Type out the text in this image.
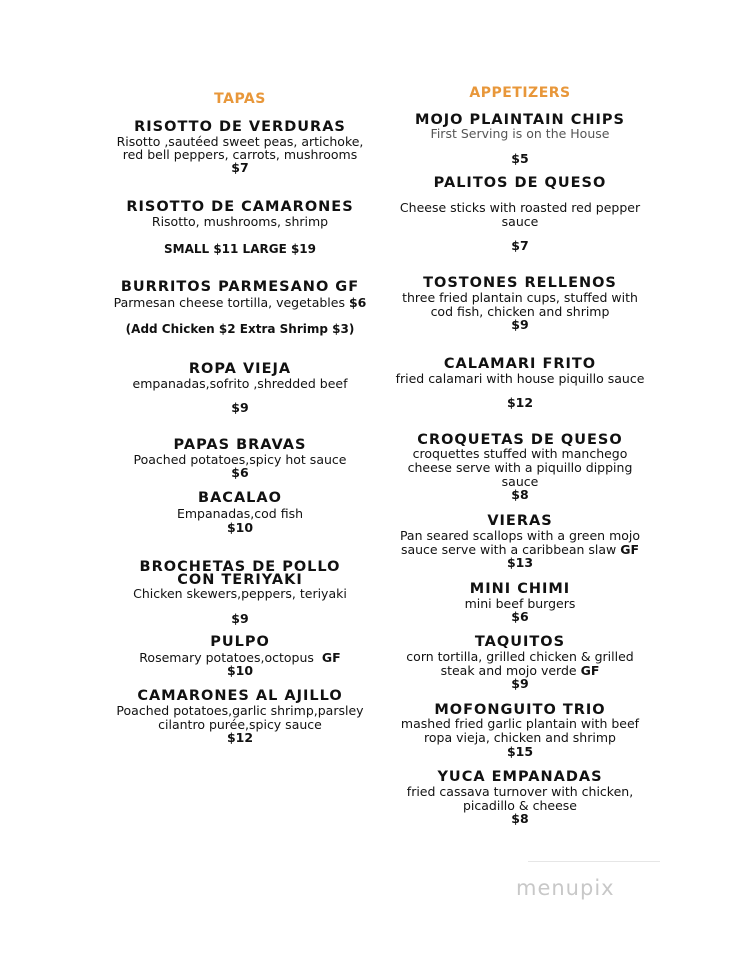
TAPAS
RISOTTO DE VERDURAS
Risotto ,sautéed sweet peas, artichoke,
red bell peppers, carrots, mushrooms
$7
RISOTTO DE CAMARONES
Risotto, mushrooms, shrimp
SMALL $11 LARGE $19
BURRITOS PARMESANO GF
Parmesan cheese tortilla, vegetables $6
(Add Chicken $2 Extra Shrimp $3)
ROPA VIEJA
empanadas,sofrito ,shredded beef
$9
PAPAS BRAVAS
Poached potatoes,spicy hot sauce
$6
BACALAO
Empanadas,cod fish
$10
BROCHETAS DE POLLO
CON TERIYAKI
Chicken skewers,peppers, teriyaki
$9
PULPO
Rosemary potatoes,octopus GF
$10
CAMARONES AL AJILLO
Poached potatoes,garlic shrimp,parsley
cilantro purée,spicy sauce
$12
APPETIZERS
MOJO PLAINTAIN CHIPS
First Serving is on the House
$5
PALITOS DE QUESO
Cheese sticks with roasted red pepper
sauce
$7
TOSTONES RELLENOS
three fried plantain cups, stuffed with
cod fish, chicken and shrimp
$9
CALAMARI FRITO
fried calamari with house piquillo sauce
$12
CROQUETAS DE QUESO
croquettes stuffed with manchego
cheese serve with a piquillo dipping
sauce
$8
VIERAS
Pan seared scallops with a green mojo
sauce serve with a caribbean slaw GF
$13
MINI CHIMI
mini beef burgers
$6
TAQUITOS
corn tortilla, grilled chicken & grilled
steak and mojo verde GF
$9
MOFONGUITO TRIO
mashed fried garlic plantain with beef
ropa vieja, chicken and shrimp
$15
YUCA EMPANADAS
fried cassava turnover with chicken,
picadillo & cheese
$8
menupix
